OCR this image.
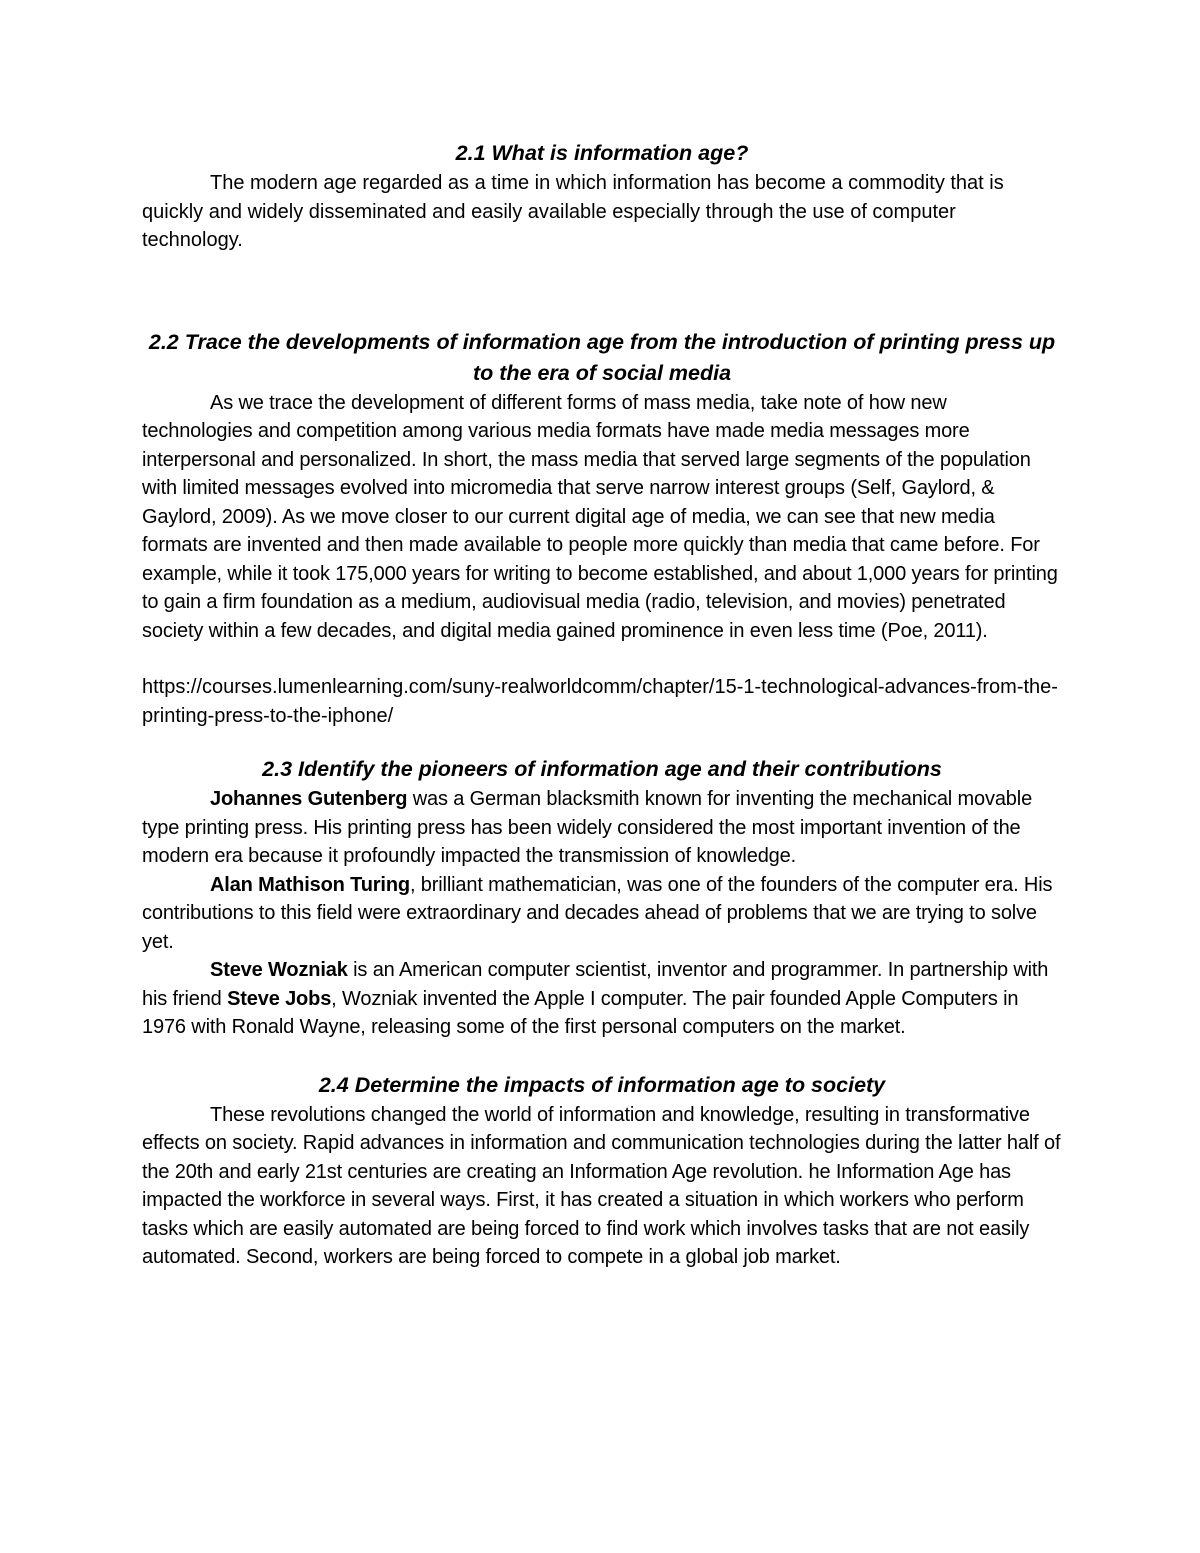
2.1 What is information age?

The modern age regarded as a time in which information has become a commodity that is quickly and widely disseminated and easily available especially through the use of computer technology.

2.2 Trace the developments of information age from the introduction of printing press up to the era of social media

As we trace the development of different forms of mass media, take note of how new technologies and competition among various media formats have made media messages more interpersonal and personalized. In short, the mass media that served large segments of the population with limited messages evolved into micromedia that serve narrow interest groups (Self, Gaylord, & Gaylord, 2009). As we move closer to our current digital age of media, we can see that new media formats are invented and then made available to people more quickly than media that came before. For example, while it took 175,000 years for writing to become established, and about 1,000 years for printing to gain a firm foundation as a medium, audiovisual media (radio, television, and movies) penetrated society within a few decades, and digital media gained prominence in even less time (Poe, 2011).

https://courses.lumenlearning.com/suny-realworldcomm/chapter/15-1-technological-advances-from-the-printing-press-to-the-iphone/

2.3 Identify the pioneers of information age and their contributions

Johannes Gutenberg was a German blacksmith known for inventing the mechanical movable type printing press. His printing press has been widely considered the most important invention of the modern era because it profoundly impacted the transmission of knowledge.

Alan Mathison Turing, brilliant mathematician, was one of the founders of the computer era. His contributions to this field were extraordinary and decades ahead of problems that we are trying to solve yet.

Steve Wozniak is an American computer scientist, inventor and programmer. In partnership with his friend Steve Jobs, Wozniak invented the Apple I computer. The pair founded Apple Computers in 1976 with Ronald Wayne, releasing some of the first personal computers on the market.

2.4 Determine the impacts of information age to society

These revolutions changed the world of information and knowledge, resulting in transformative effects on society. Rapid advances in information and communication technologies during the latter half of the 20th and early 21st centuries are creating an Information Age revolution. he Information Age has impacted the workforce in several ways. First, it has created a situation in which workers who perform tasks which are easily automated are being forced to find work which involves tasks that are not easily automated. Second, workers are being forced to compete in a global job market.
